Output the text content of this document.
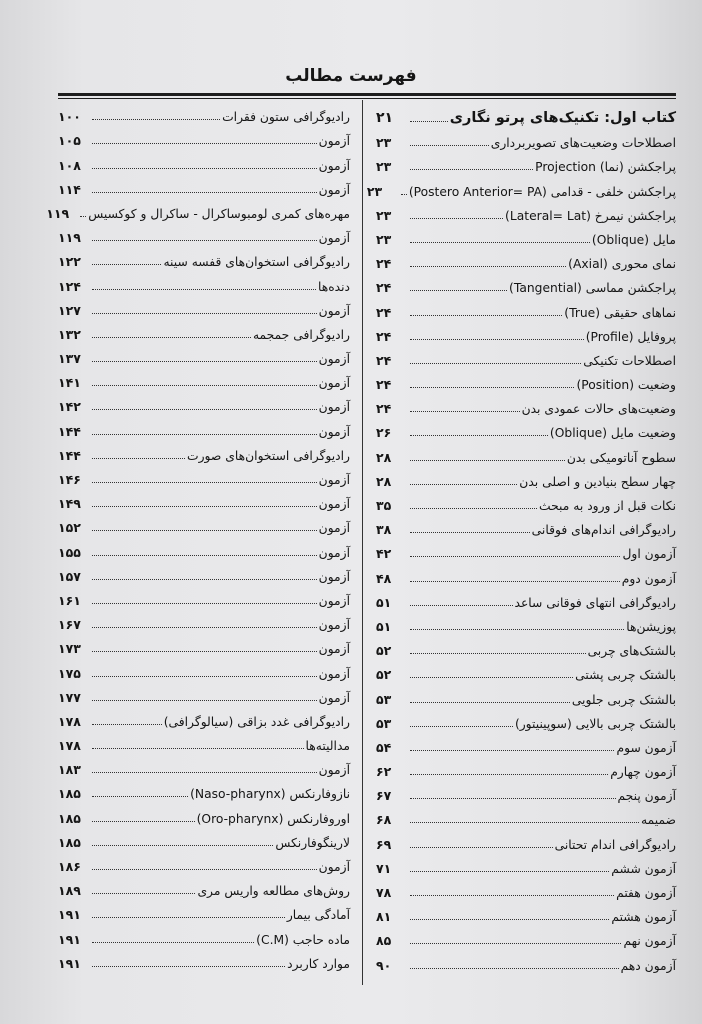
فهرست مطالب
کتاب اول: تکنیک‌های پرتو نگاری
۲۱
اصطلاحات وضعیت‌های تصویربرداری
۲۳
پراجکشن (نما) Projection
۲۳
پراجکشن خلفی - قدامی (Postero Anterior= PA)
۲۳
پراجکشن نیمرخ (Lateral= Lat)
۲۳
مایل (Oblique)
۲۳
نمای محوری (Axial)
۲۴
پراجکشن مماسی (Tangential)
۲۴
نماهای حقیقی (True)
۲۴
پروفایل (Profile)
۲۴
اصطلاحات تکنیکی
۲۴
وضعیت (Position)
۲۴
وضعیت‌های حالات عمودی بدن
۲۴
وضعیت مایل (Oblique)
۲۶
سطوح آناتومیکی بدن
۲۸
چهار سطح بنیادین و اصلی بدن
۲۸
نکات قبل از ورود به مبحث
۳۵
رادیوگرافی اندام‌های فوقانی
۳۸
آزمون اول
۴۲
آزمون دوم
۴۸
رادیوگرافی انتهای فوقانی ساعد
۵۱
پوزیشن‌ها
۵۱
بالشتک‌های چربی
۵۲
بالشتک چربی پشتی
۵۲
بالشتک چربی جلویی
۵۳
بالشتک چربی بالایی (سوپینیتور)
۵۳
آزمون سوم
۵۴
آزمون چهارم
۶۲
آزمون پنجم
۶۷
ضمیمه
۶۸
رادیوگرافی اندام تحتانی
۶۹
آزمون ششم
۷۱
آزمون هفتم
۷۸
آزمون هشتم
۸۱
آزمون نهم
۸۵
آزمون دهم
۹۰
رادیوگرافی ستون فقرات
۱۰۰
آزمون
۱۰۵
آزمون
۱۰۸
آزمون
۱۱۴
مهره‌های کمری لومبوساکرال - ساکرال و کوکسیس
۱۱۹
آزمون
۱۱۹
رادیوگرافی استخوان‌های قفسه سینه
۱۲۲
دنده‌ها
۱۲۴
آزمون
۱۲۷
رادیوگرافی جمجمه
۱۳۲
آزمون
۱۳۷
آزمون
۱۴۱
آزمون
۱۴۲
آزمون
۱۴۴
رادیوگرافی استخوان‌های صورت
۱۴۴
آزمون
۱۴۶
آزمون
۱۴۹
آزمون
۱۵۲
آزمون
۱۵۵
آزمون
۱۵۷
آزمون
۱۶۱
آزمون
۱۶۷
آزمون
۱۷۳
آزمون
۱۷۵
آزمون
۱۷۷
رادیوگرافی غدد بزاقی (سیالوگرافی)
۱۷۸
مدالیته‌ها
۱۷۸
آزمون
۱۸۳
نازوفارنکس (Naso-pharynx)
۱۸۵
اوروفارنکس (Oro-pharynx)
۱۸۵
لارینگوفارنکس
۱۸۵
آزمون
۱۸۶
روش‌های مطالعه واریس مری
۱۸۹
آمادگی بیمار
۱۹۱
ماده حاجب (C.M)
۱۹۱
موارد کاربرد
۱۹۱
